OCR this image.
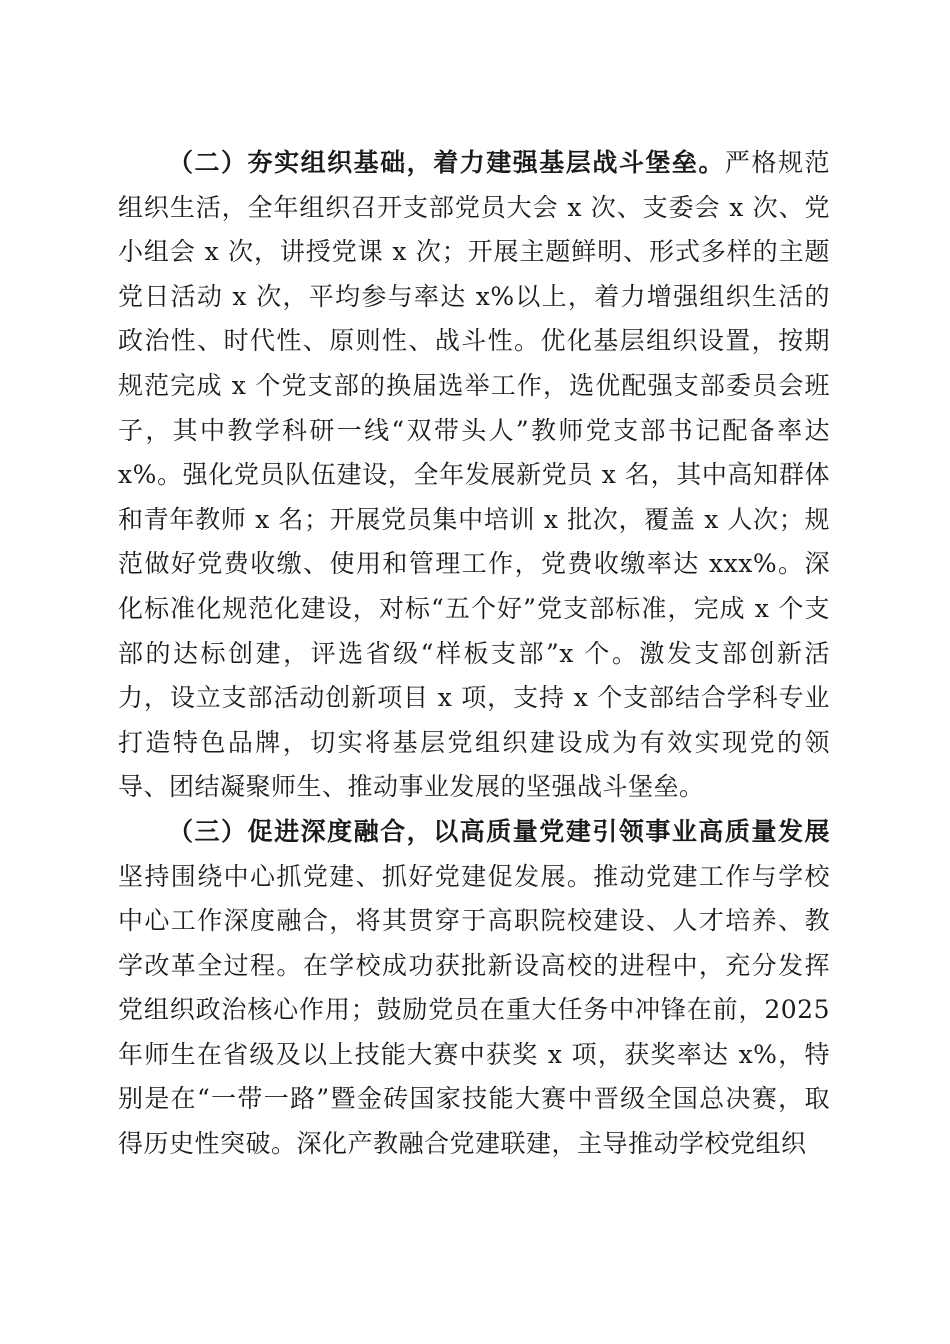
（二）夯实组织基础，着力建强基层战斗堡垒。严格规范组织生活，全年组织召开支部党员大会 x 次、支委会 x 次、党小组会 x 次，讲授党课 x 次；开展主题鲜明、形式多样的主题党日活动 x 次，平均参与率达 x%以上，着力增强组织生活的政治性、时代性、原则性、战斗性。优化基层组织设置，按期规范完成 x 个党支部的换届选举工作，选优配强支部委员会班子，其中教学科研一线“双带头人”教师党支部书记配备率达 x%。强化党员队伍建设，全年发展新党员 x 名，其中高知群体和青年教师 x 名；开展党员集中培训 x 批次，覆盖 x 人次；规范做好党费收缴、使用和管理工作，党费收缴率达 xxx%。深化标准化规范化建设，对标“五个好”党支部标准，完成 x 个支部的达标创建，评选省级“样板支部”x 个。激发支部创新活力，设立支部活动创新项目 x 项，支持 x 个支部结合学科专业打造特色品牌，切实将基层党组织建设成为有效实现党的领导、团结凝聚师生、推动事业发展的坚强战斗堡垒。

（三）促进深度融合，以高质量党建引领事业高质量发展坚持围绕中心抓党建、抓好党建促发展。推动党建工作与学校中心工作深度融合，将其贯穿于高职院校建设、人才培养、教学改革全过程。在学校成功获批新设高校的进程中，充分发挥党组织政治核心作用；鼓励党员在重大任务中冲锋在前，2025 年师生在省级及以上技能大赛中获奖 x 项，获奖率达 x%，特别是在“一带一路”暨金砖国家技能大赛中晋级全国总决赛，取得历史性突破。深化产教融合党建联建，主导推动学校党组织
